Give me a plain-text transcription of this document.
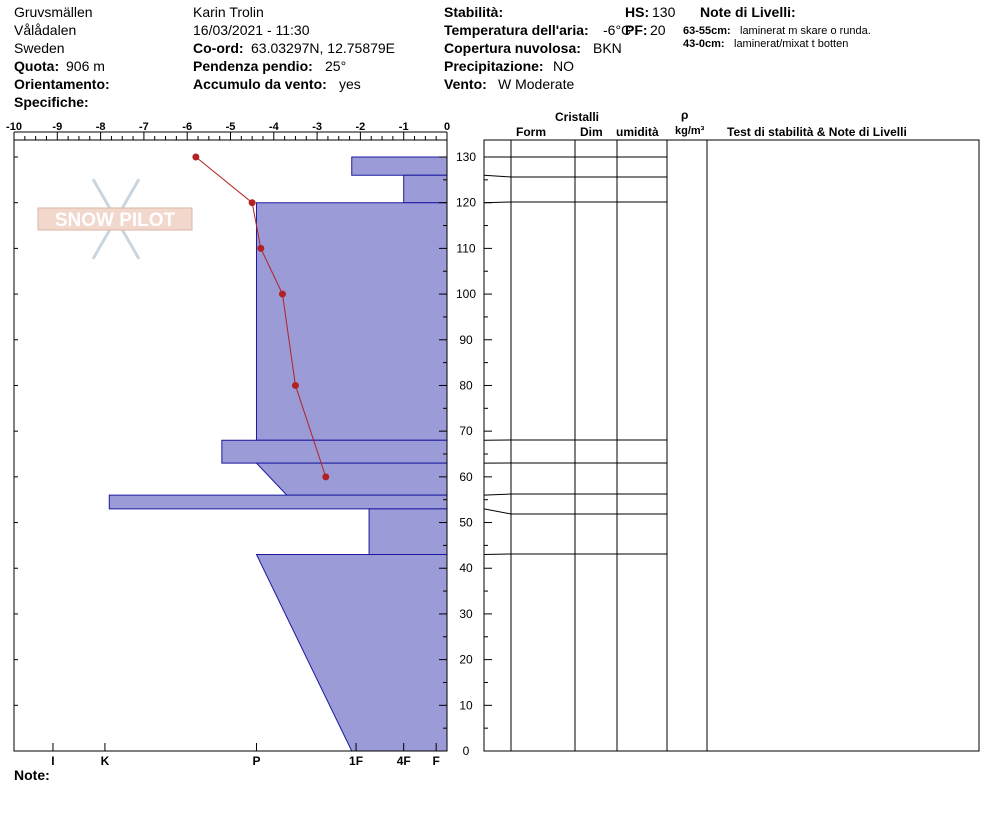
Gruvsmällen
Vålådalen
Sweden
Quota: 906 m
Orientamento:
Specifiche:
Karin Trolin
16/03/2021 - 11:30
Co-ord: 63.03297N, 12.75879E
Pendenza pendio: 25°
Accumulo da vento: yes
Stabilità:
Temperatura dell'aria: -6°C
Copertura nuvolosa: BKN
Precipitazione: NO
Vento: W Moderate
HS: 130
PF: 20
Note di Livelli:
63-55cm: laminerat m skare o runda.
43-0cm: laminerat/mixat t botten
Cristalli
Form	Dim umidità
ρ
kg/m³ Test di stabilità & Note di Livelli
Note:
SNOW PILOT
-10	-9	-8	-7	-6	-5	-4	-3	-2	-1	0
130
120
110
100
90
80
70
60
50
40
30
20
10
0
I	K	P	1F	4F F
